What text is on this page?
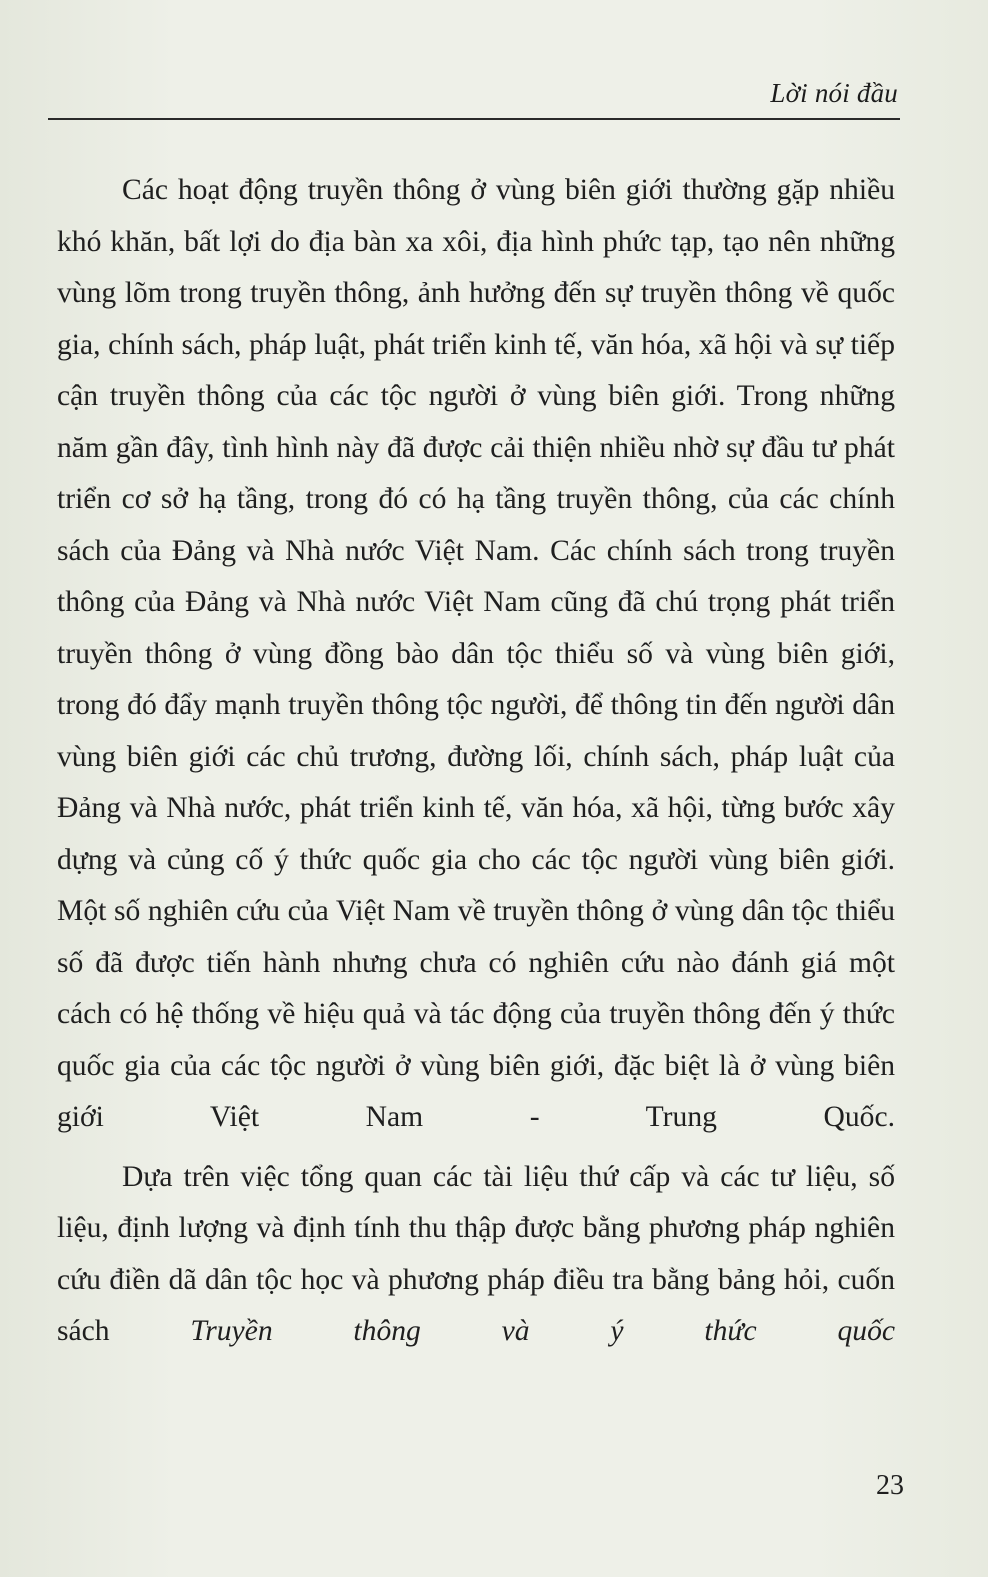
Lời nói đầu

Các hoạt động truyền thông ở vùng biên giới thường gặp nhiều khó khăn, bất lợi do địa bàn xa xôi, địa hình phức tạp, tạo nên những vùng lõm trong truyền thông, ảnh hưởng đến sự truyền thông về quốc gia, chính sách, pháp luật, phát triển kinh tế, văn hóa, xã hội và sự tiếp cận truyền thông của các tộc người ở vùng biên giới. Trong những năm gần đây, tình hình này đã được cải thiện nhiều nhờ sự đầu tư phát triển cơ sở hạ tầng, trong đó có hạ tầng truyền thông, của các chính sách của Đảng và Nhà nước Việt Nam. Các chính sách trong truyền thông của Đảng và Nhà nước Việt Nam cũng đã chú trọng phát triển truyền thông ở vùng đồng bào dân tộc thiểu số và vùng biên giới, trong đó đẩy mạnh truyền thông tộc người, để thông tin đến người dân vùng biên giới các chủ trương, đường lối, chính sách, pháp luật của Đảng và Nhà nước, phát triển kinh tế, văn hóa, xã hội, từng bước xây dựng và củng cố ý thức quốc gia cho các tộc người vùng biên giới. Một số nghiên cứu của Việt Nam về truyền thông ở vùng dân tộc thiểu số đã được tiến hành nhưng chưa có nghiên cứu nào đánh giá một cách có hệ thống về hiệu quả và tác động của truyền thông đến ý thức quốc gia của các tộc người ở vùng biên giới, đặc biệt là ở vùng biên giới Việt Nam - Trung Quốc.

Dựa trên việc tổng quan các tài liệu thứ cấp và các tư liệu, số liệu, định lượng và định tính thu thập được bằng phương pháp nghiên cứu điền dã dân tộc học và phương pháp điều tra bằng bảng hỏi, cuốn sách Truyền thông và ý thức quốc

23
